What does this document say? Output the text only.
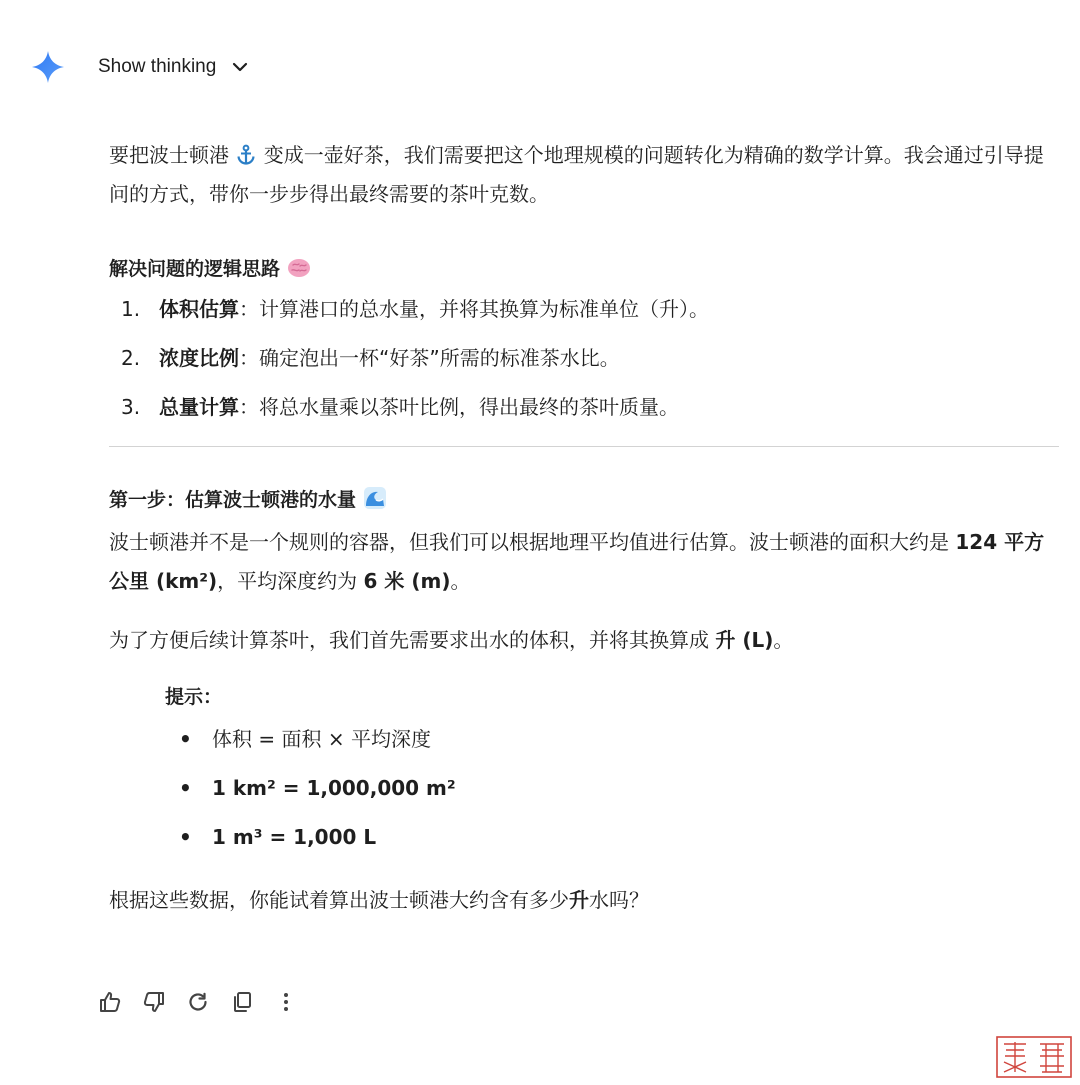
Show thinking

要把波士顿港  变成一壶好茶，我们需要把这个地理规模的问题转化为精确的数学计算。我会通过引导提问的方式，带你一步步得出最终需要的茶叶克数。

解决问题的逻辑思路
1. 体积估算：计算港口的总水量，并将其换算为标准单位（升）。
2. 浓度比例：确定泡出一杯“好茶”所需的标准茶水比。
3. 总量计算：将总水量乘以茶叶比例，得出最终的茶叶质量。
第一步：估算波士顿港的水量

波士顿港并不是一个规则的容器，但我们可以根据地理平均值进行估算。波士顿港的面积大约是 124 平方公里 (km²)，平均深度约为 6 米 (m)。

为了方便后续计算茶叶，我们首先需要求出水的体积，并将其换算成 升 (L)。

提示：
•	体积 = 面积 × 平均深度
•	1 km² = 1,000,000 m²
•	1 m³ = 1,000 L

根据这些数据，你能试着算出波士顿港大约含有多少升水吗？
